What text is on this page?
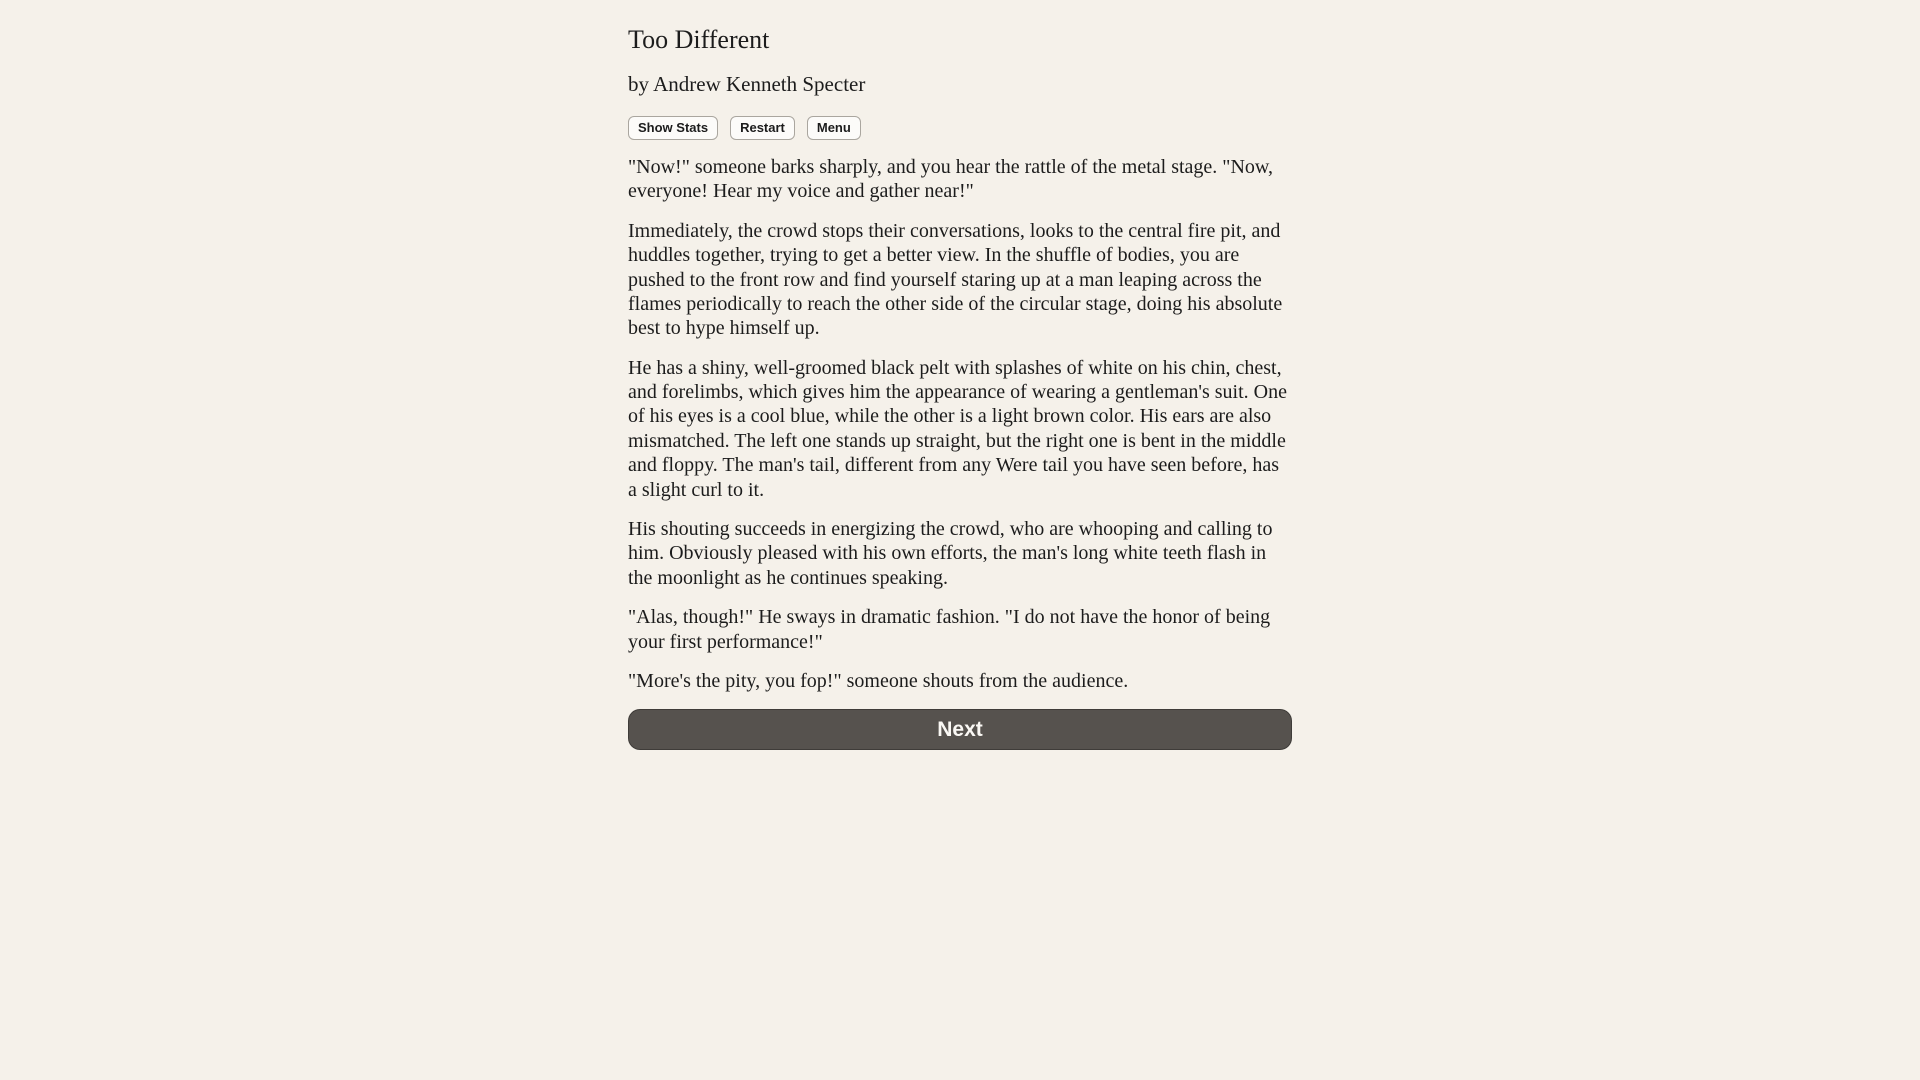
Too Different

by Andrew Kenneth Specter

Show Stats	Restart	Menu

"Now!" someone barks sharply, and you hear the rattle of the metal stage. "Now, everyone! Hear my voice and gather near!"

Immediately, the crowd stops their conversations, looks to the central fire pit, and huddles together, trying to get a better view. In the shuffle of bodies, you are pushed to the front row and find yourself staring up at a man leaping across the flames periodically to reach the other side of the circular stage, doing his absolute best to hype himself up.

He has a shiny, well-groomed black pelt with splashes of white on his chin, chest, and forelimbs, which gives him the appearance of wearing a gentleman's suit. One of his eyes is a cool blue, while the other is a light brown color. His ears are also mismatched. The left one stands up straight, but the right one is bent in the middle and floppy. The man's tail, different from any Were tail you have seen before, has a slight curl to it.

His shouting succeeds in energizing the crowd, who are whooping and calling to him. Obviously pleased with his own efforts, the man's long white teeth flash in the moonlight as he continues speaking.

"Alas, though!" He sways in dramatic fashion. "I do not have the honor of being your first performance!"

"More's the pity, you fop!" someone shouts from the audience.

Next
